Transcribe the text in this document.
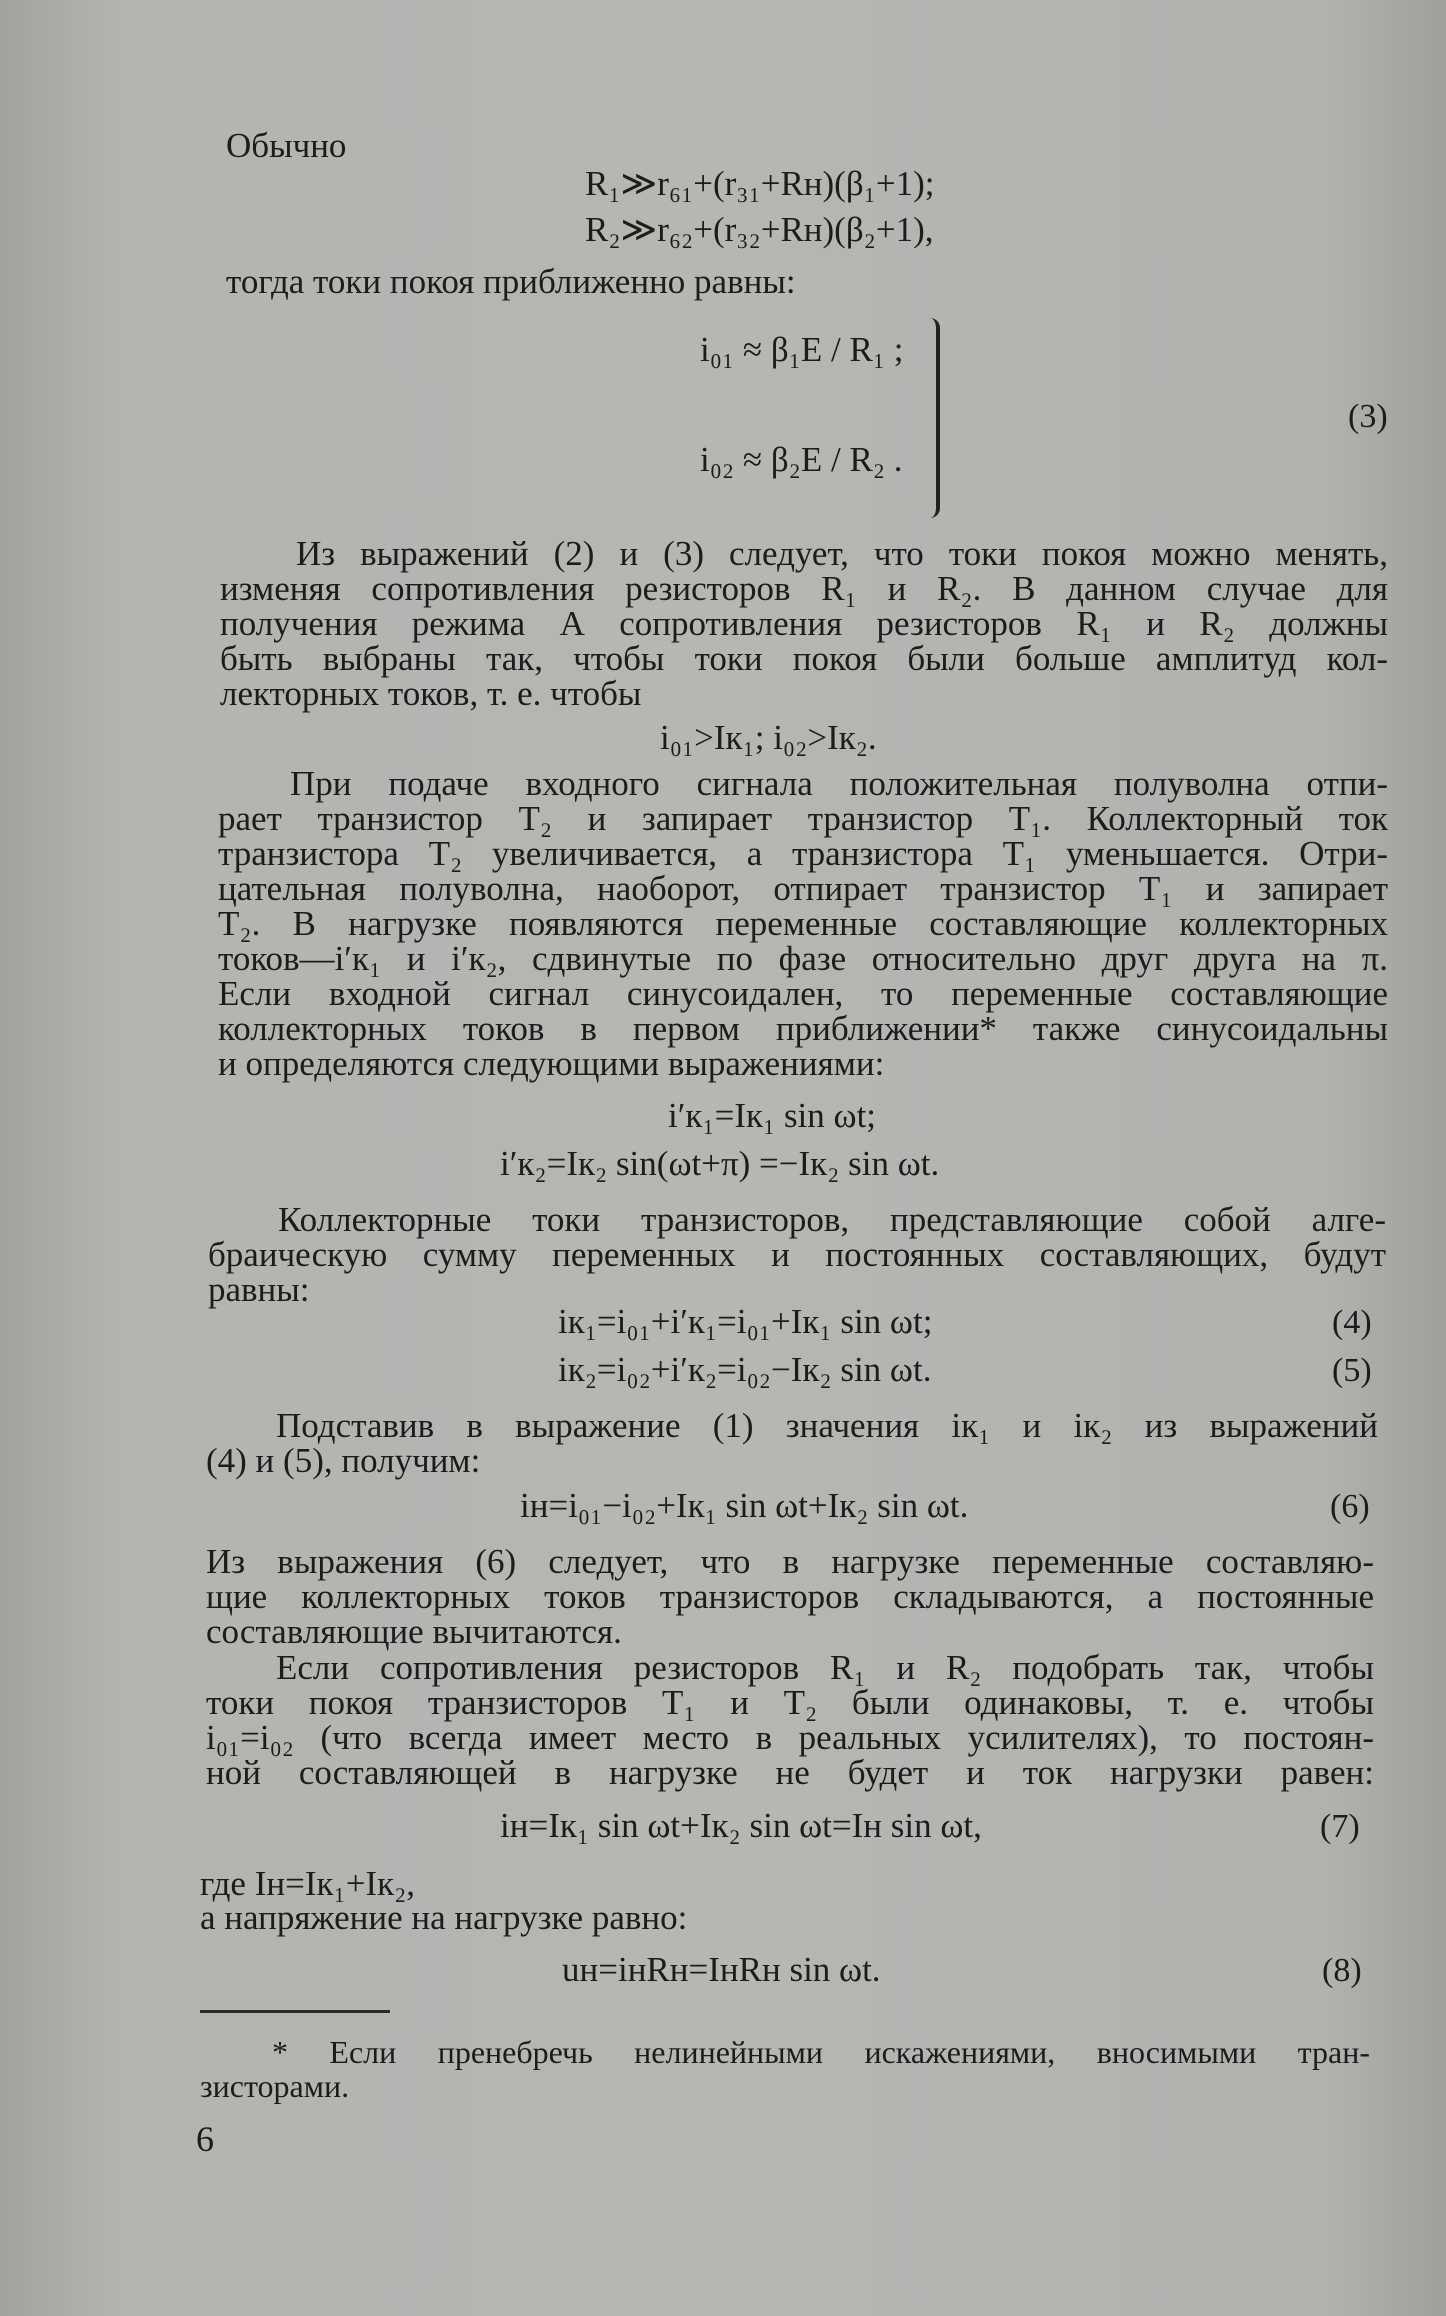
Обычно
R₁≫r₆₁+(r₃₁+Rн)(β₁+1);
R₂≫r₆₂+(r₃₂+Rн)(β₂+1),
тогда токи покоя приближенно равны:
i₀₁ ≈ β₁E / R₁ ;
i₀₂ ≈ β₂E / R₂ .
(3)
Из выражений (2) и (3) следует, что токи покоя можно менять,
изменяя сопротивления резисторов R₁ и R₂. В данном случае для
получения режима А сопротивления резисторов R₁ и R₂ должны
быть выбраны так, чтобы токи покоя были больше амплитуд кол-
лекторных токов, т. е. чтобы
i₀₁>Iк₁; i₀₂>Iк₂.
При подаче входного сигнала положительная полуволна отпи-
рает транзистор T₂ и запирает транзистор T₁. Коллекторный ток
транзистора T₂ увеличивается, а транзистора T₁ уменьшается. Отри-
цательная полуволна, наоборот, отпирает транзистор T₁ и запирает
T₂. В нагрузке появляются переменные составляющие коллекторных
токов—i′к₁ и i′к₂, сдвинутые по фазе относительно друг друга на π.
Если входной сигнал синусоидален, то переменные составляющие
коллекторных токов в первом приближении* также синусоидальны
и определяются следующими выражениями:
i′к₁=Iк₁ sin ωt;
i′к₂=Iк₂ sin(ωt+π) =−Iк₂ sin ωt.
Коллекторные токи транзисторов, представляющие собой алге-
браическую сумму переменных и постоянных составляющих, будут
равны:
iк₁=i₀₁+i′к₁=i₀₁+Iк₁ sin ωt;	(4)
iк₂=i₀₂+i′к₂=i₀₂−Iк₂ sin ωt.	(5)
Подставив в выражение (1) значения iк₁ и iк₂ из выражений
(4) и (5), получим:
iн=i₀₁−i₀₂+Iк₁ sin ωt+Iк₂ sin ωt.	(6)
Из выражения (6) следует, что в нагрузке переменные составляю-
щие коллекторных токов транзисторов складываются, а постоянные
составляющие вычитаются.
Если сопротивления резисторов R₁ и R₂ подобрать так, чтобы
токи покоя транзисторов T₁ и T₂ были одинаковы, т. е. чтобы
i₀₁=i₀₂ (что всегда имеет место в реальных усилителях), то постоян-
ной составляющей в нагрузке не будет и ток нагрузки равен:
iн=Iк₁ sin ωt+Iк₂ sin ωt=Iн sin ωt,	(7)
где Iн=Iк₁+Iк₂,
а напряжение на нагрузке равно:
uн=iнRн=IнRн sin ωt.	(8)
* Если пренебречь нелинейными искажениями, вносимыми тран-
зисторами.
6
